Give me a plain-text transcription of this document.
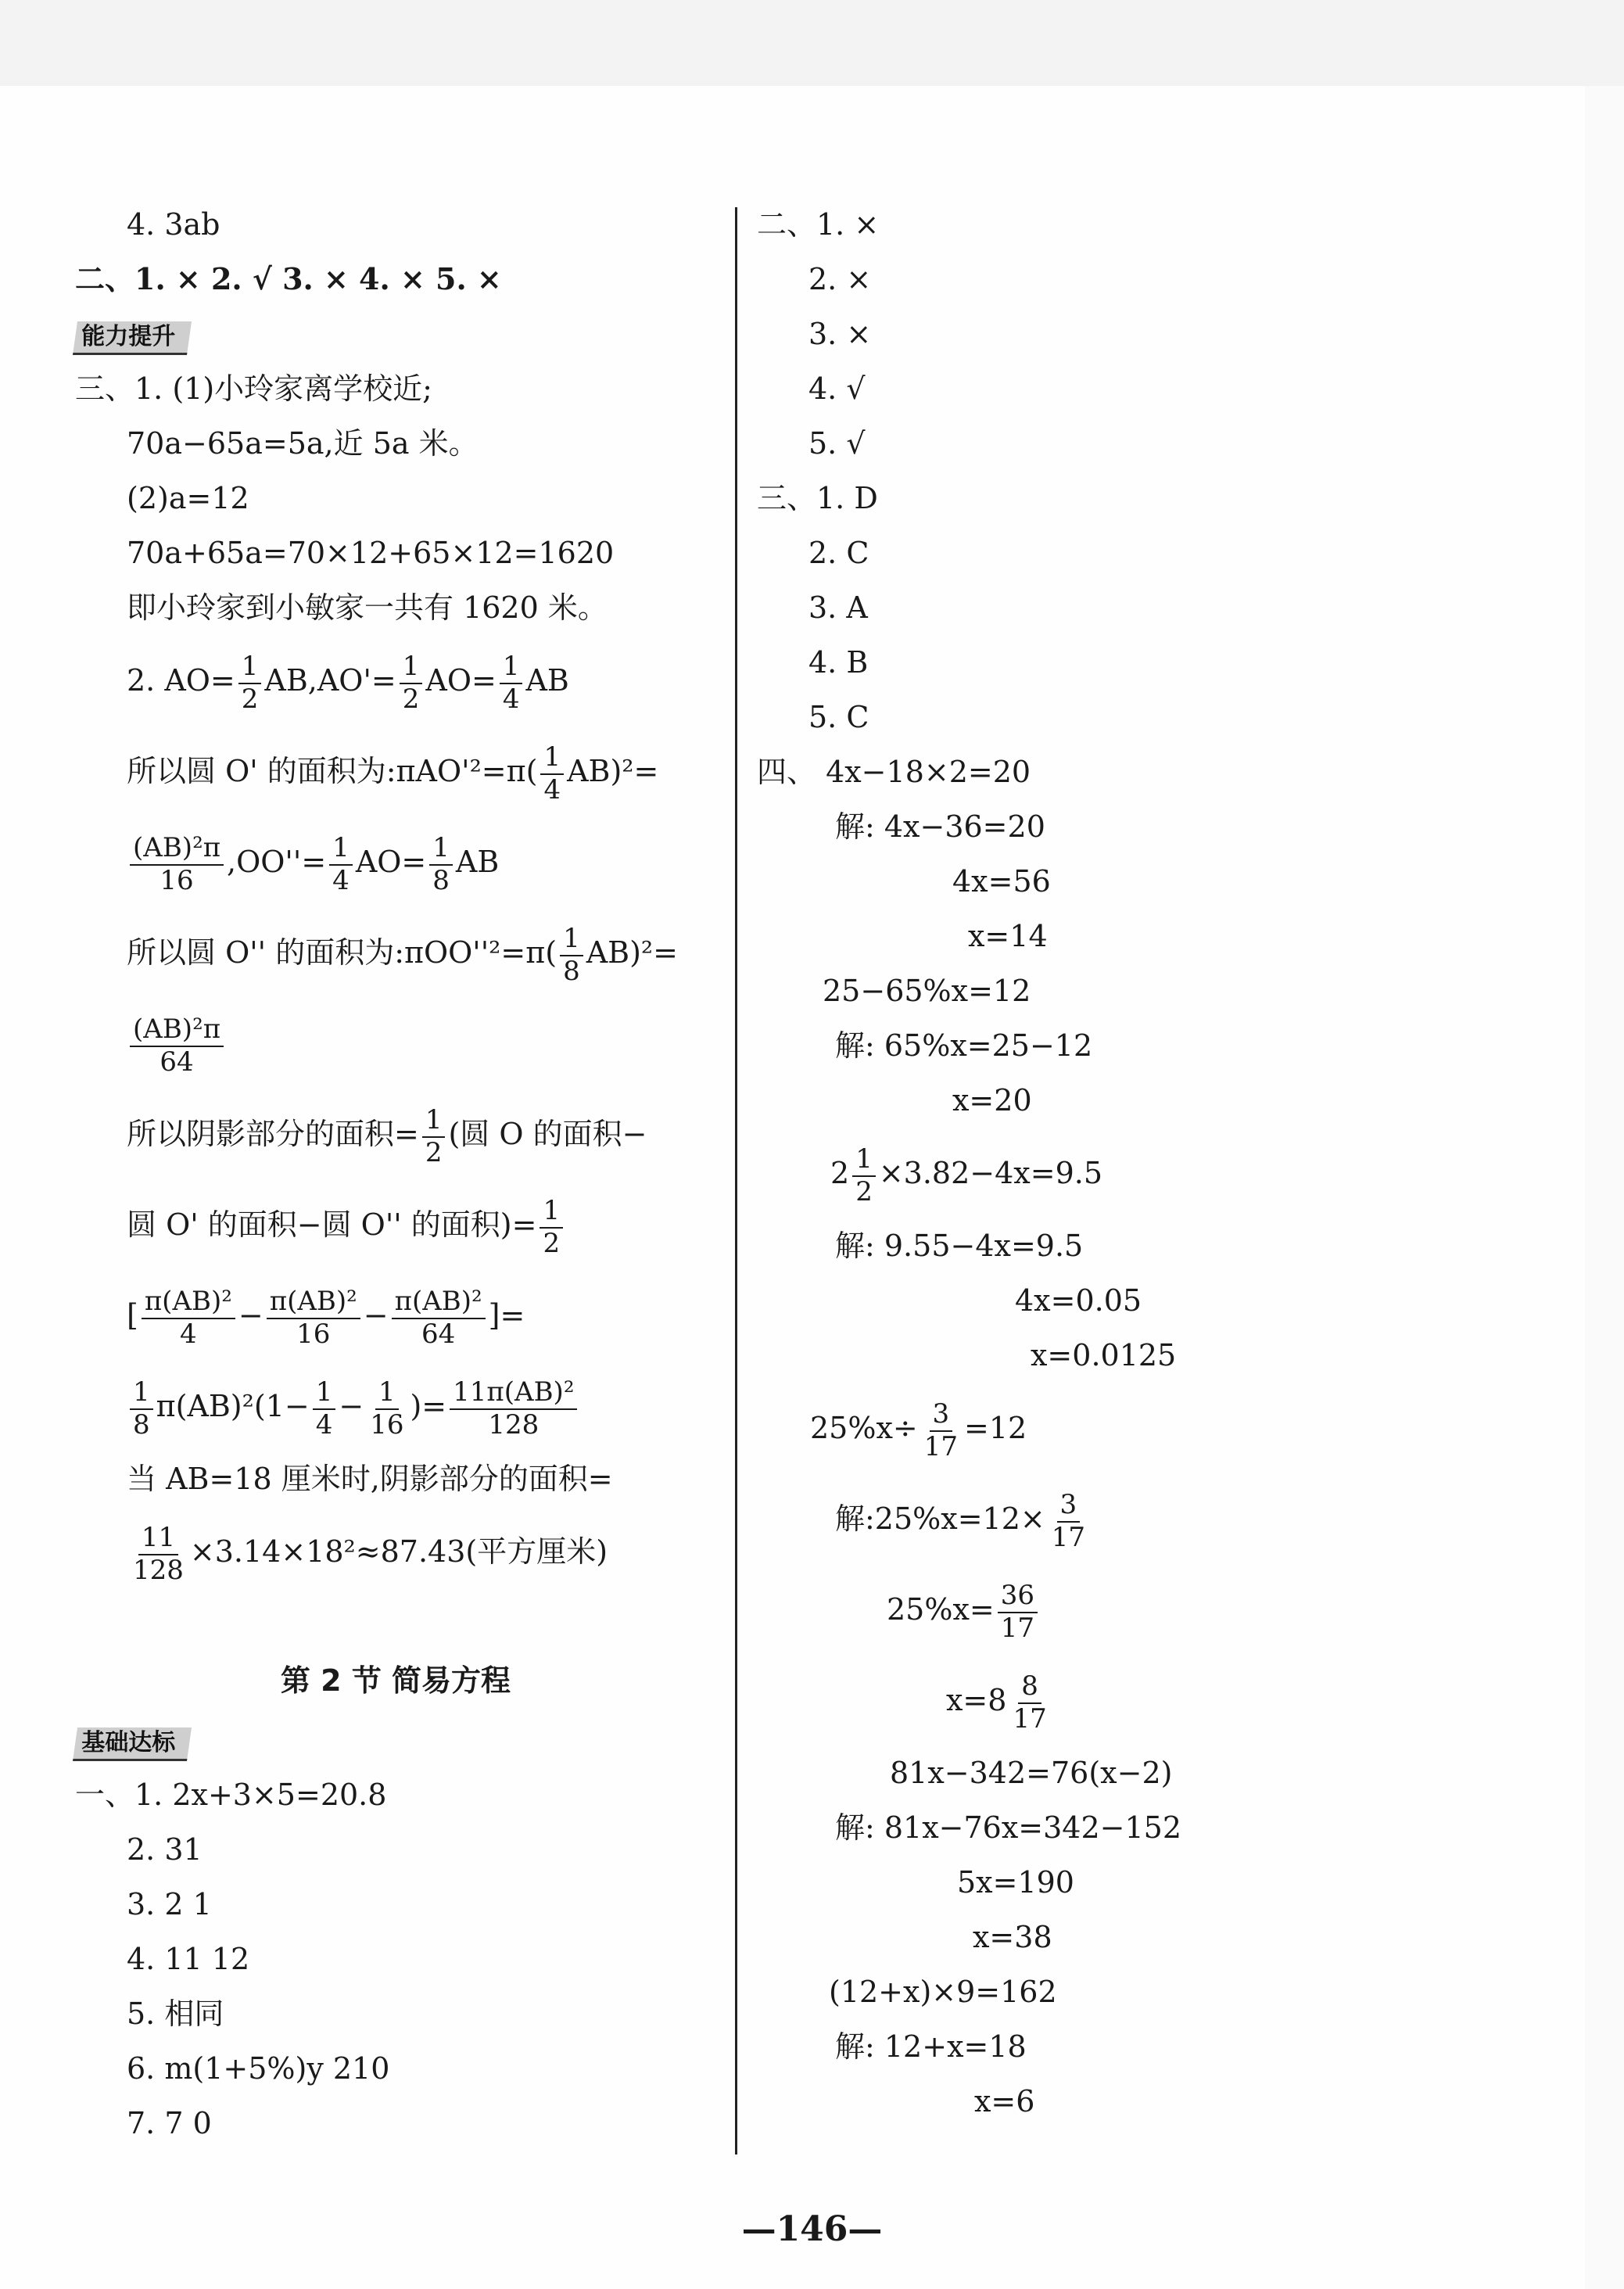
4. 3ab
二、1. × 2. √ 3. × 4. × 5. ×
能力提升
三、1. (1)小玲家离学校近;
70a−65a=5a,近 5a 米。
(2)a=12
70a+65a=70×12+65×12=1620
即小玲家到小敏家一共有 1620 米。
2. $AO= \frac{1}{2} AB,AO'= \frac{1}{2} AO= \frac{1}{4}$ AB
所以圆 O' 的面积为:πAO'²=π( $\frac{1}{4} AB)^2=$
$\frac{\text{(AB)²π}}{16} ,OO''= \frac{1}{4} AO= \frac{1}{8}$ AB
所以圆 O'' 的面积为:πOO''²=π( $\frac{1}{8} AB)^2=$
$\frac{\text{(AB)²π}}{64}$
所以阴影部分的面积= $\frac{1}{2}$ (圆 O 的面积−
圆 O' 的面积−圆 O'' 的面积)= $\frac{1}{2}$
[ $\frac{\text{π(AB)²}}{4} - \frac{\text{π(AB)²}}{16} - \frac{\text{π(AB)²}}{64}$ ]=
$\frac{1}{8} \pi(AB)^2(1- \frac{1}{4} - \frac{1}{16}$ )= $\frac{\text{11π(AB)²}}{128}$
当 AB=18 厘米时,阴影部分的面积=
$\frac{11}{128} \times 3.14\times 18^2\approx 87.43$(平方厘米)
第 2 节 简易方程
基础达标
一、1. 2x+3×5=20.8
2. 31
3. 2 1
4. 11 12
5. 相同
6. m(1+5%)y 210
7. 7 0
二、1. ×
2. ×
3. ×
4. √
5. √
三、1. D
2. C
3. A
4. B
5. C
四、 4x−18×2=20
解: 4x−36=20
4x=56
x=14
25−65%x=12
解: 65%x=25−12
x=20
$2 \frac{1}{2} \times 3.82-4x=9.5$
解: 9.55−4x=9.5
4x=0.05
x=0.0125
$25\%x\div \frac{3}{17} =12$
解:25%x=12× $\frac{3}{17}$
$25\%x= \frac{36}{17}$
$x=8 \frac{8}{17}$
81x−342=76(x−2)
解: 81x−76x=342−152
5x=190
x=38
(12+x)×9=162
解: 12+x=18
x=6
—146—
